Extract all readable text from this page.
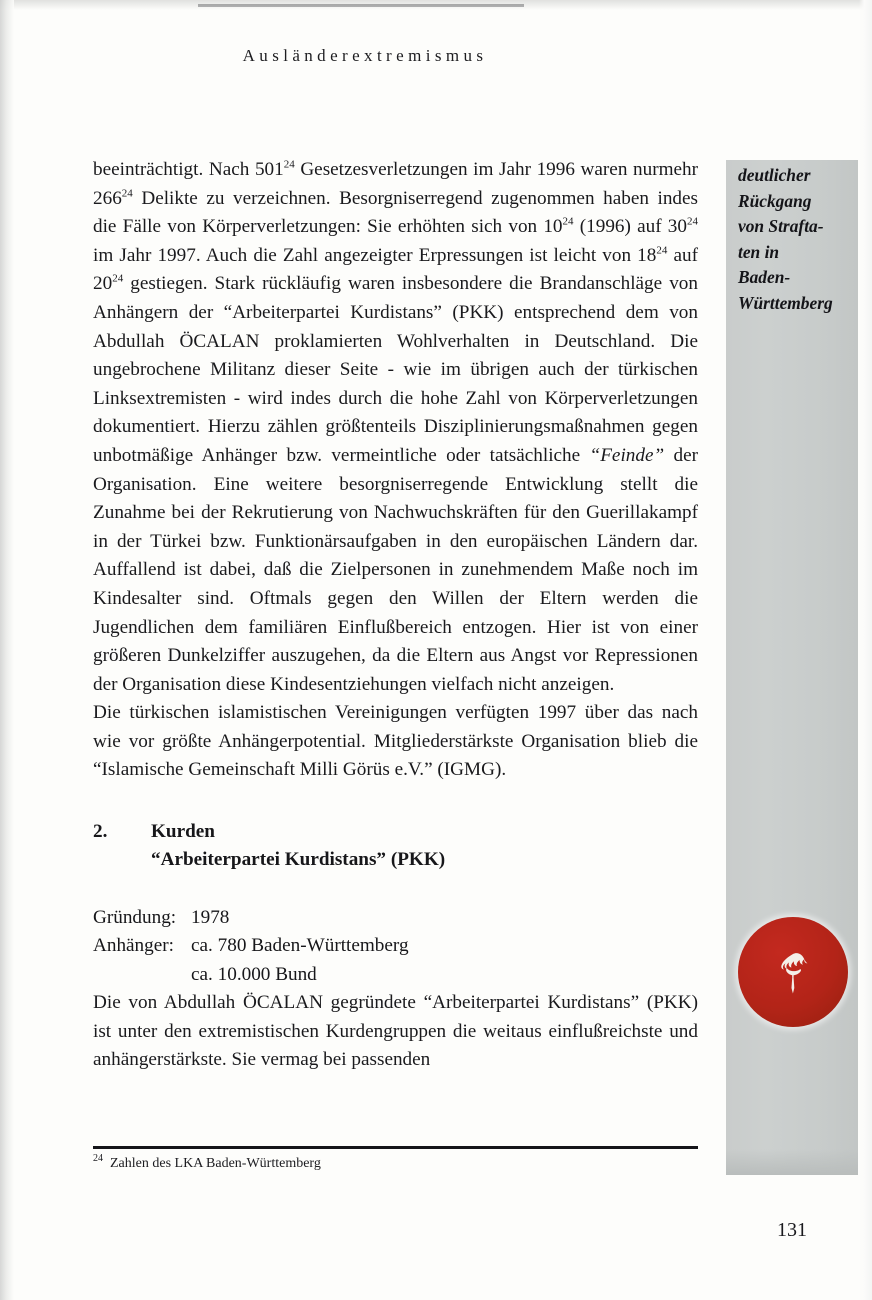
Ausländerextremismus

beeinträchtigt. Nach $501^{24}$ Gesetzesverletzungen im Jahr 1996 waren nurmehr $266^{24}$ Delikte zu verzeichnen. Besorgniserregend zugenommen haben indes die Fälle von Körperverletzungen: Sie erhöhten sich von $10^{24}$ (1996) auf $30^{24}$ im Jahr 1997. Auch die Zahl angezeigter Erpressungen ist leicht von $18^{24}$ auf $20^{24}$ gestiegen. Stark rückläufig waren insbesondere die Brandanschläge von Anhängern der “Arbeiterpartei Kurdistans” (PKK) entsprechend dem von Abdullah ÖCALAN proklamierten Wohlverhalten in Deutschland. Die ungebrochene Militanz dieser Seite - wie im übrigen auch der türkischen Linksextremisten - wird indes durch die hohe Zahl von Körperverletzungen dokumentiert. Hierzu zählen größtenteils Disziplinierungsmaßnahmen gegen unbotmäßige Anhänger bzw. vermeintliche oder tatsächliche “Feinde” der Organisation. Eine weitere besorgniserregende Entwicklung stellt die Zunahme bei der Rekrutierung von Nachwuchskräften für den Guerillakampf in der Türkei bzw. Funktionärsaufgaben in den europäischen Ländern dar. Auffallend ist dabei, daß die Zielpersonen in zunehmendem Maße noch im Kindesalter sind. Oftmals gegen den Willen der Eltern werden die Jugendlichen dem familiären Einflußbereich entzogen. Hier ist von einer größeren Dunkelziffer auszugehen, da die Eltern aus Angst vor Repressionen der Organisation diese Kindesentziehungen vielfach nicht anzeigen.

Die türkischen islamistischen Vereinigungen verfügten 1997 über das nach wie vor größte Anhängerpotential. Mitgliederstärkste Organisation blieb die “Islamische Gemeinschaft Milli Görüs e.V.” (IGMG).

2. Kurden
“Arbeiterpartei Kurdistans” (PKK)
Gründung: 1978
Anhänger: ca. 780 Baden-Württemberg
ca. 10.000 Bund

Die von Abdullah ÖCALAN gegründete “Arbeiterpartei Kurdistans” (PKK) ist unter den extremistischen Kurdengruppen die weitaus einflußreichste und anhängerstärkste. Sie vermag bei passenden

$^{24}$ Zahlen des LKA Baden-Württemberg
deutlicher
Rückgang
von Strafta-
ten in
Baden-
Württemberg
131
